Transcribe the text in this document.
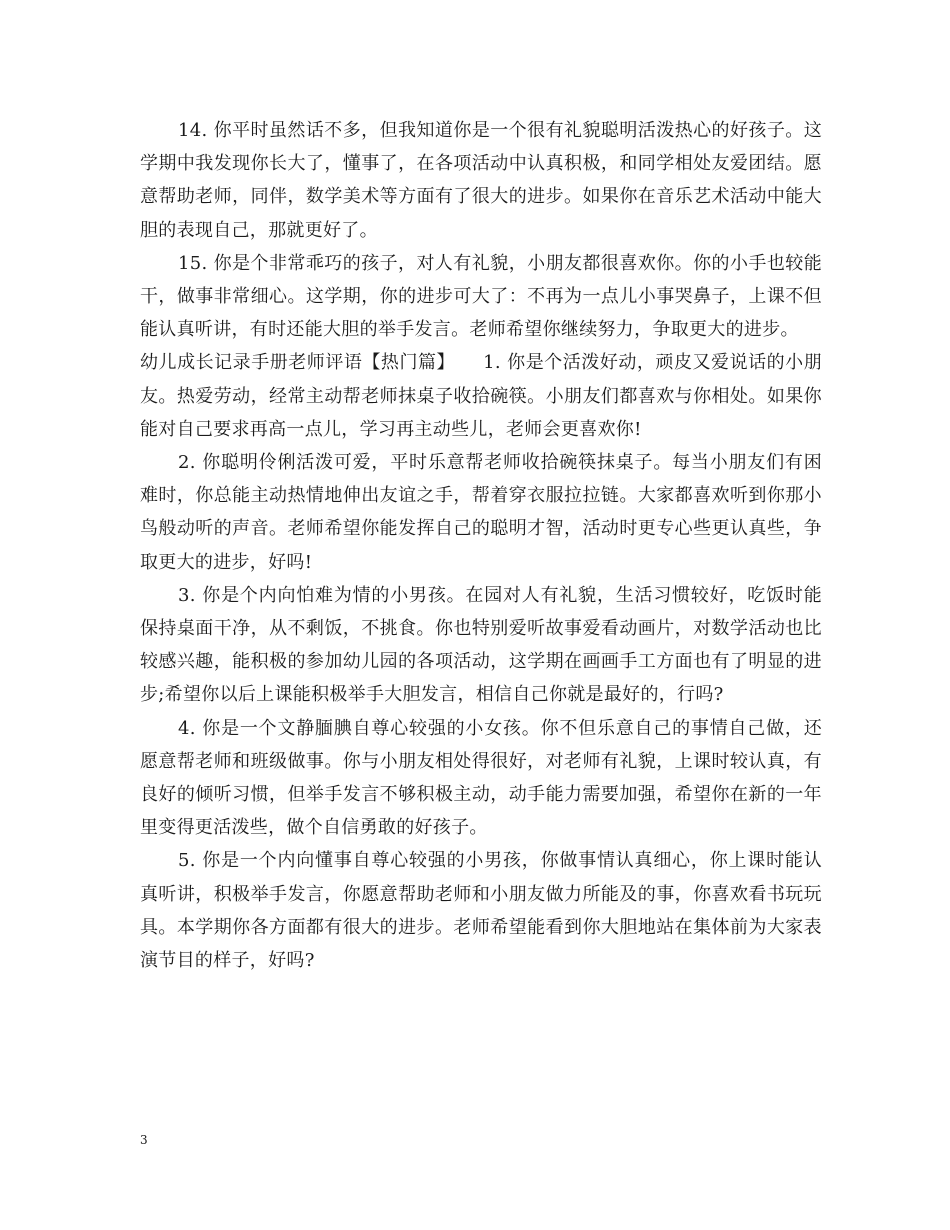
14. 你平时虽然话不多，但我知道你是一个很有礼貌聪明活泼热心的好孩子。这学期中我发现你长大了，懂事了，在各项活动中认真积极，和同学相处友爱团结。愿意帮助老师，同伴，数学美术等方面有了很大的进步。如果你在音乐艺术活动中能大胆的表现自己，那就更好了。

15. 你是个非常乖巧的孩子，对人有礼貌，小朋友都很喜欢你。你的小手也较能干，做事非常细心。这学期，你的进步可大了：不再为一点儿小事哭鼻子，上课不但能认真听讲，有时还能大胆的举手发言。老师希望你继续努力，争取更大的进步。

幼儿成长记录手册老师评语【热门篇】　　1. 你是个活泼好动，顽皮又爱说话的小朋友。热爱劳动，经常主动帮老师抹桌子收拾碗筷。小朋友们都喜欢与你相处。如果你能对自己要求再高一点儿，学习再主动些儿，老师会更喜欢你!

2. 你聪明伶俐活泼可爱，平时乐意帮老师收拾碗筷抹桌子。每当小朋友们有困难时，你总能主动热情地伸出友谊之手，帮着穿衣服拉拉链。大家都喜欢听到你那小鸟般动听的声音。老师希望你能发挥自己的聪明才智，活动时更专心些更认真些，争取更大的进步，好吗!

3. 你是个内向怕难为情的小男孩。在园对人有礼貌，生活习惯较好，吃饭时能保持桌面干净，从不剩饭，不挑食。你也特别爱听故事爱看动画片，对数学活动也比较感兴趣，能积极的参加幼儿园的各项活动，这学期在画画手工方面也有了明显的进步;希望你以后上课能积极举手大胆发言，相信自己你就是最好的，行吗?

4. 你是一个文静腼腆自尊心较强的小女孩。你不但乐意自己的事情自己做，还愿意帮老师和班级做事。你与小朋友相处得很好，对老师有礼貌，上课时较认真，有良好的倾听习惯，但举手发言不够积极主动，动手能力需要加强，希望你在新的一年里变得更活泼些，做个自信勇敢的好孩子。

5. 你是一个内向懂事自尊心较强的小男孩，你做事情认真细心，你上课时能认真听讲，积极举手发言，你愿意帮助老师和小朋友做力所能及的事，你喜欢看书玩玩具。本学期你各方面都有很大的进步。老师希望能看到你大胆地站在集体前为大家表演节目的样子，好吗?

3
